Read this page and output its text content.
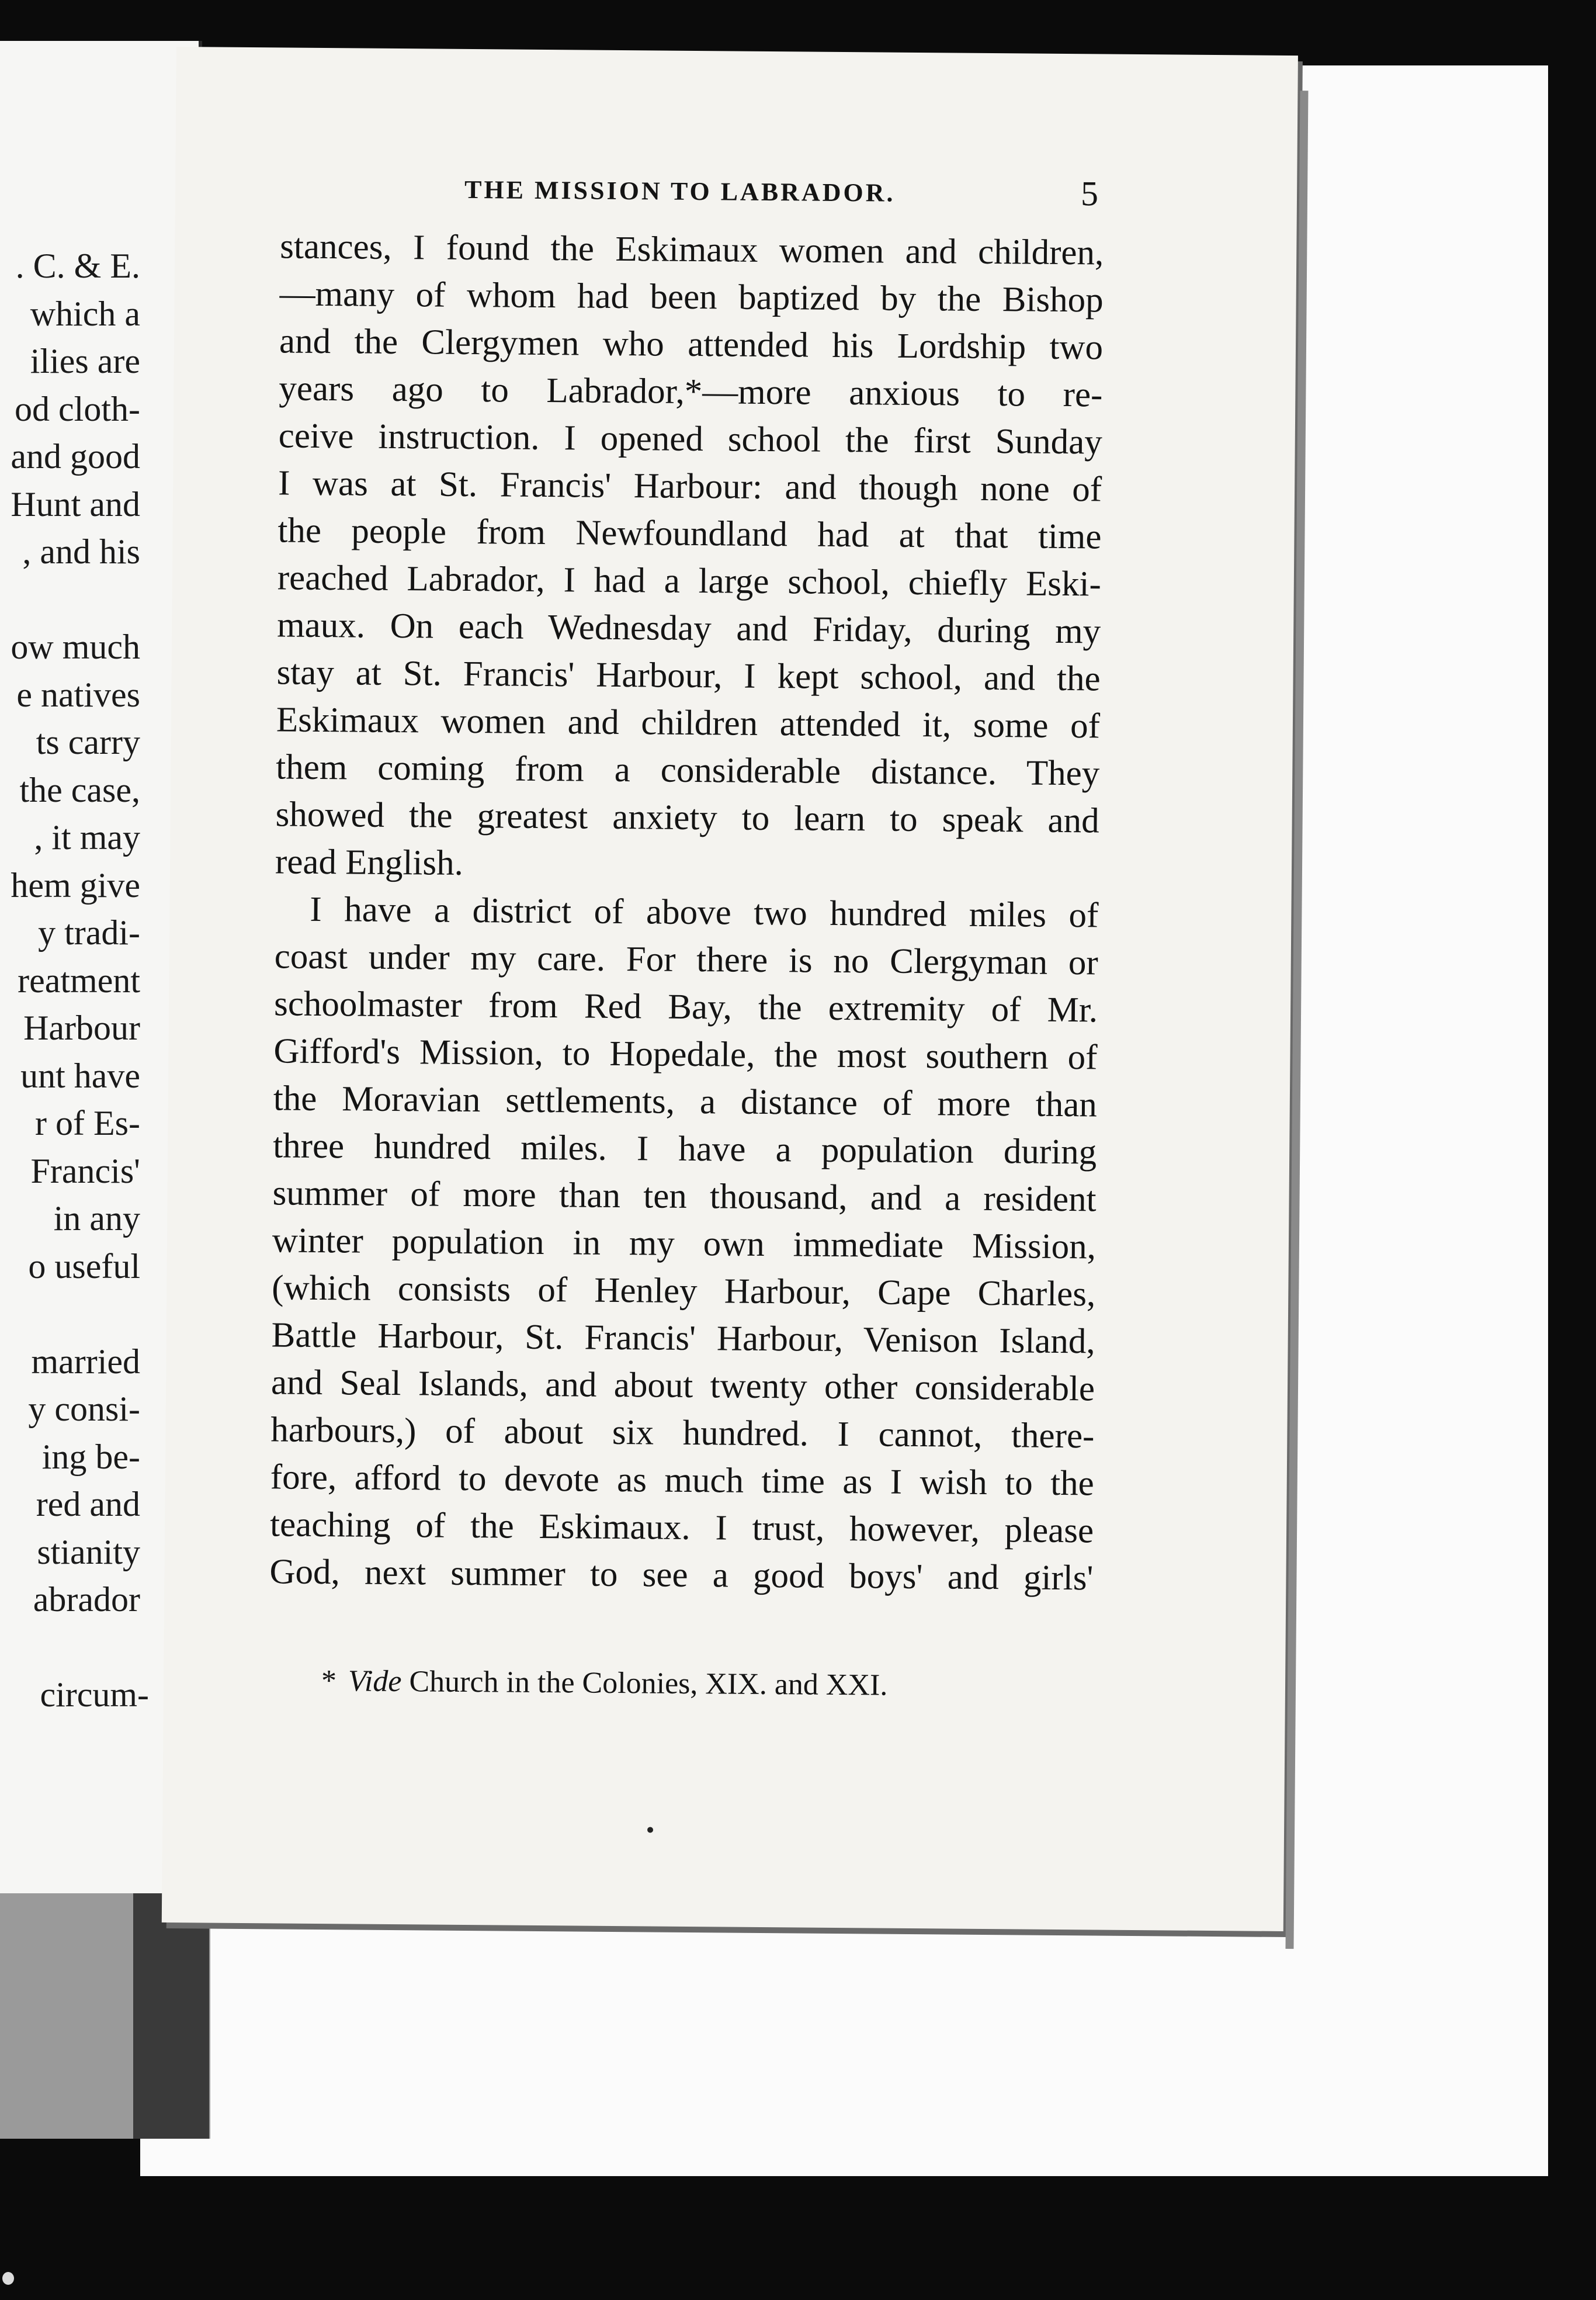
. C. & E.
which a
ilies are
od cloth-
and good
Hunt and
, and his
ow much
e natives
ts carry
the case,
, it may
hem give
y tradi-
reatment
Harbour
unt have
r of Es-
Francis'
in any
o useful
married
y consi-
ing be-
red and
stianity
abrador
circum-
THE MISSION TO LABRADOR.	5
stances, I found the Eskimaux women and children,
—many of whom had been baptized by the Bishop
and the Clergymen who attended his Lordship two
years ago to Labrador,*—more anxious to re-
ceive instruction. I opened school the first Sunday
I was at St. Francis' Harbour: and though none of
the people from Newfoundland had at that time
reached Labrador, I had a large school, chiefly Eski-
maux. On each Wednesday and Friday, during my
stay at St. Francis' Harbour, I kept school, and the
Eskimaux women and children attended it, some of
them coming from a considerable distance. They
showed the greatest anxiety to learn to speak and
read English.
I have a district of above two hundred miles of
coast under my care. For there is no Clergyman or
schoolmaster from Red Bay, the extremity of Mr.
Gifford's Mission, to Hopedale, the most southern of
the Moravian settlements, a distance of more than
three hundred miles. I have a population during
summer of more than ten thousand, and a resident
winter population in my own immediate Mission,
(which consists of Henley Harbour, Cape Charles,
Battle Harbour, St. Francis' Harbour, Venison Island,
and Seal Islands, and about twenty other considerable
harbours,) of about six hundred. I cannot, there-
fore, afford to devote as much time as I wish to the
teaching of the Eskimaux. I trust, however, please
God, next summer to see a good boys' and girls'
* Vide Church in the Colonies, XIX. and XXI.
